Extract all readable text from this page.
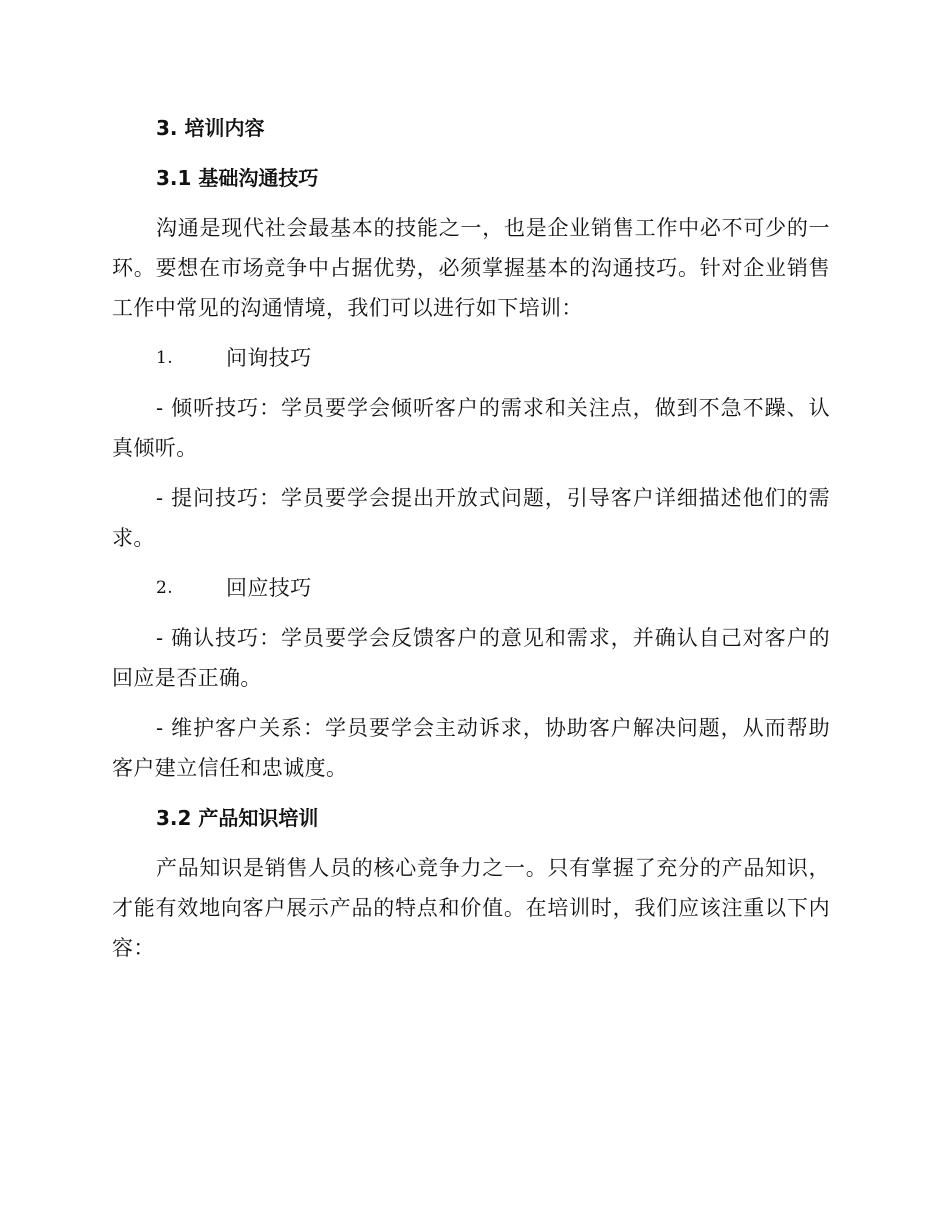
3. 培训内容
3.1 基础沟通技巧
沟通是现代社会最基本的技能之一，也是企业销售工作中必不可少的一环。要想在市场竞争中占据优势，必须掌握基本的沟通技巧。针对企业销售工作中常见的沟通情境，我们可以进行如下培训：
1.	问询技巧
- 倾听技巧：学员要学会倾听客户的需求和关注点，做到不急不躁、认真倾听。
- 提问技巧：学员要学会提出开放式问题，引导客户详细描述他们的需求。
2.	回应技巧
- 确认技巧：学员要学会反馈客户的意见和需求，并确认自己对客户的回应是否正确。
- 维护客户关系：学员要学会主动诉求，协助客户解决问题，从而帮助客户建立信任和忠诚度。
3.2 产品知识培训
产品知识是销售人员的核心竞争力之一。只有掌握了充分的产品知识，才能有效地向客户展示产品的特点和价值。在培训时，我们应该注重以下内容：
